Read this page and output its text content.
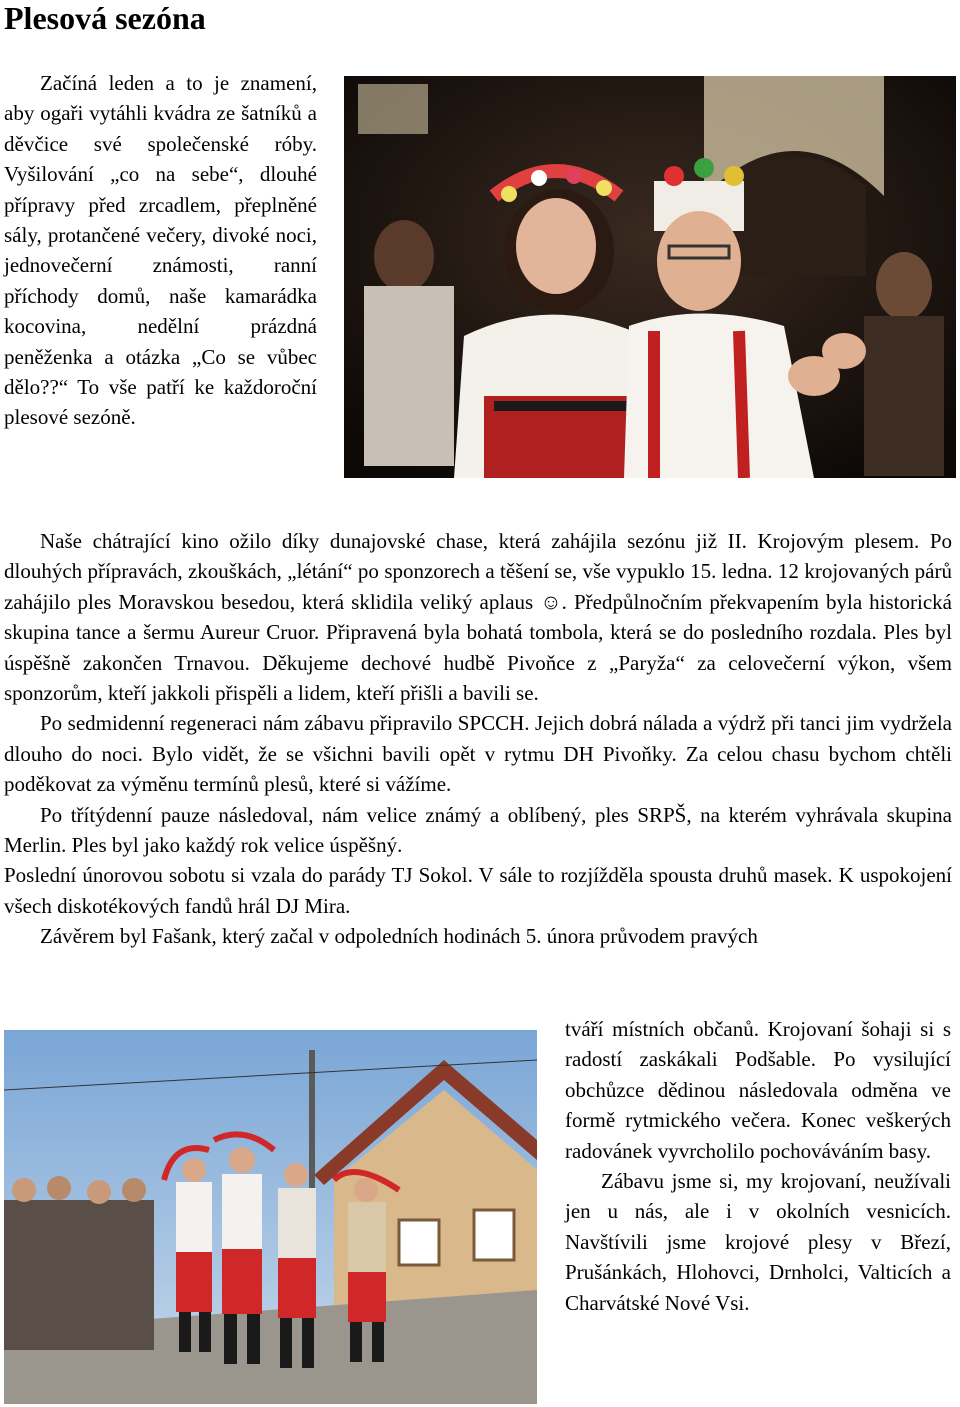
Plesová sezóna

Začíná leden a to je znamení, aby ogaři vytáhli kvádra ze šatníků a děvčice své společenské róby. Vyšilování „co na sebe“, dlouhé přípravy před zrcadlem, přeplněné sály, protančené večery, divoké noci, jednovečerní známosti, ranní příchody domů, naše kamarádka kocovina, nedělní prázdná peněženka a otázka „Co se vůbec dělo??“ To vše patří ke každoroční plesové sezóně.

Naše chátrající kino ožilo díky dunajovské chase, která zahájila sezónu již II. Krojovým plesem. Po dlouhých přípravách, zkouškách, „létání“ po sponzorech a těšení se, vše vypuklo 15. ledna. 12 krojovaných párů zahájilo ples Moravskou besedou, která sklidila veliký aplaus ☺. Předpůlnočním překvapením byla historická skupina tance a šermu Aureur Cruor. Připravená byla bohatá tombola, která se do posledního rozdala. Ples byl úspěšně zakončen Trnavou. Děkujeme dechové hudbě Pivoňce z „Paryža“ za celovečerní výkon, všem sponzorům, kteří jakkoli přispěli a lidem, kteří přišli a bavili se.

Po sedmidenní regeneraci nám zábavu připravilo SPCCH. Jejich dobrá nálada a výdrž při tanci jim vydržela dlouho do noci. Bylo vidět, že se všichni bavili opět v rytmu DH Pivoňky. Za celou chasu bychom chtěli poděkovat za výměnu termínů plesů, které si vážíme.

Po třítýdenní pauze následoval, nám velice známý a oblíbený, ples SRPŠ, na kterém vyhrávala skupina Merlin. Ples byl jako každý rok velice úspěšný.

Poslední únorovou sobotu si vzala do parády TJ Sokol. V sále to rozjížděla spousta druhů masek. K uspokojení všech diskotékových fandů hrál DJ Mira.

Závěrem byl Fašank, který začal v odpoledních hodinách 5. února průvodem pravých

tváří místních občanů. Krojovaní šohaji si s radostí zaskákali Podšable. Po vysilující obchůzce dědinou následovala odměna ve formě rytmického večera. Konec veškerých radovánek vyvrcholilo pochováváním basy.

Zábavu jsme si, my krojovaní, neužívali jen u nás, ale i v okolních vesnicích. Navštívili jsme krojové plesy v Březí, Prušánkách, Hlohovci, Drnholci, Valticích a Charvátské Nové Vsi.
